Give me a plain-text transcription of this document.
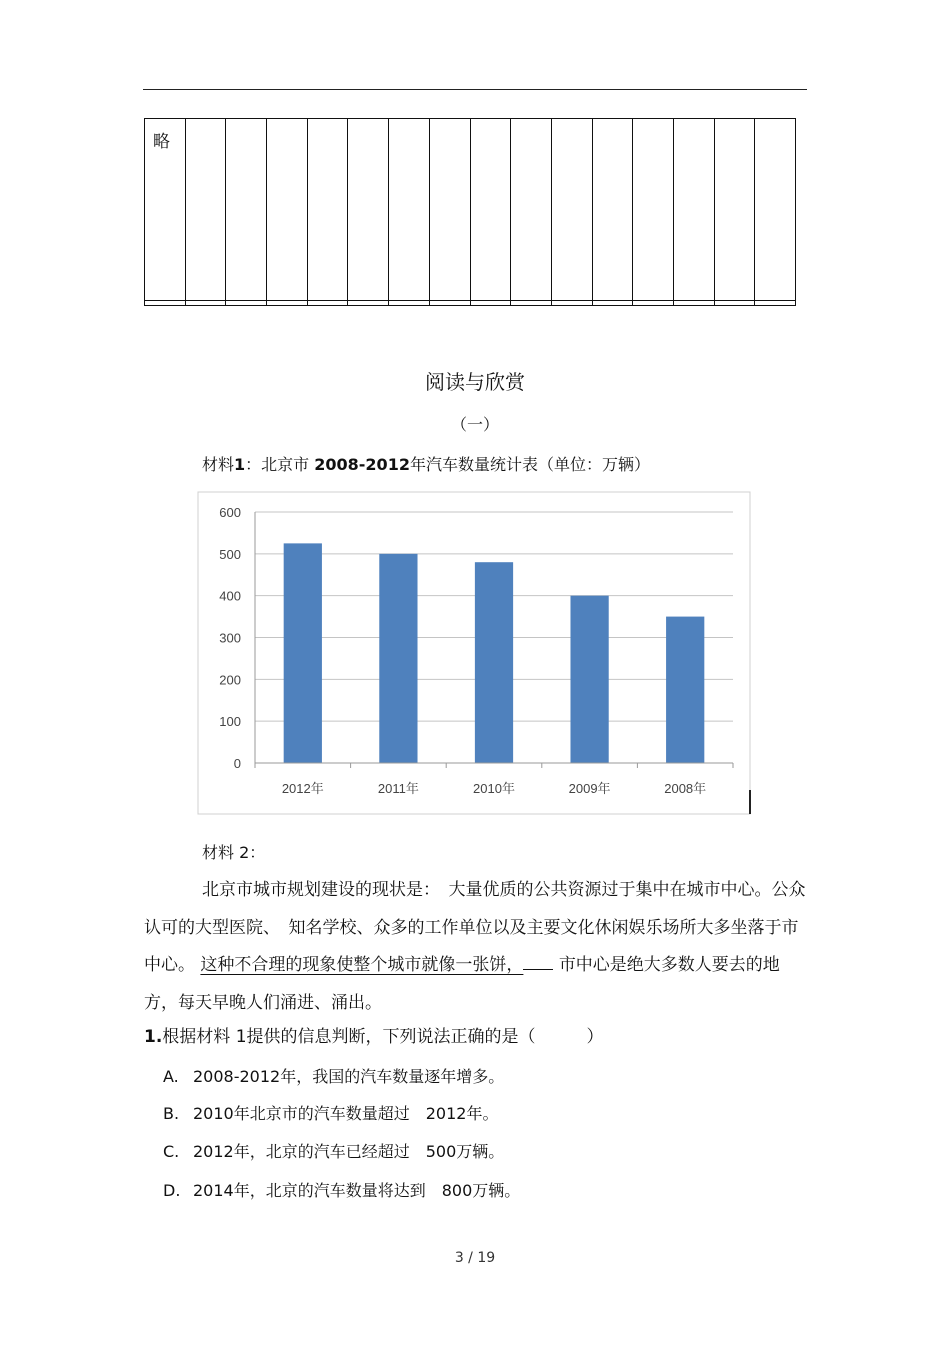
略															

阅读与欣赏
（一）
材料1：北京市 2008-2012年汽车数量统计表（单位：万辆）
0
100
200
300
400
500
600
2012年	2011年	2010年	2009年	2008年
材料 2：
北京市城市规划建设的现状是：　大量优质的公共资源过于集中在城市中心。公众认可的大型医院、　知名学校、众多的工作单位以及主要文化休闲娱乐场所大多坐落于市中心。 这种不合理的现象使整个城市就像一张饼， 市中心是绝大多数人要去的地方，每天早晚人们涌进、涌出。
1.根据材料 1提供的信息判断，下列说法正确的是（　　　）
A. 2008-2012年，我国的汽车数量逐年增多。
B. 2010年北京市的汽车数量超过　2012年。
C. 2012年，北京的汽车已经超过　500万辆。
D. 2014年，北京的汽车数量将达到　800万辆。
3 / 19
